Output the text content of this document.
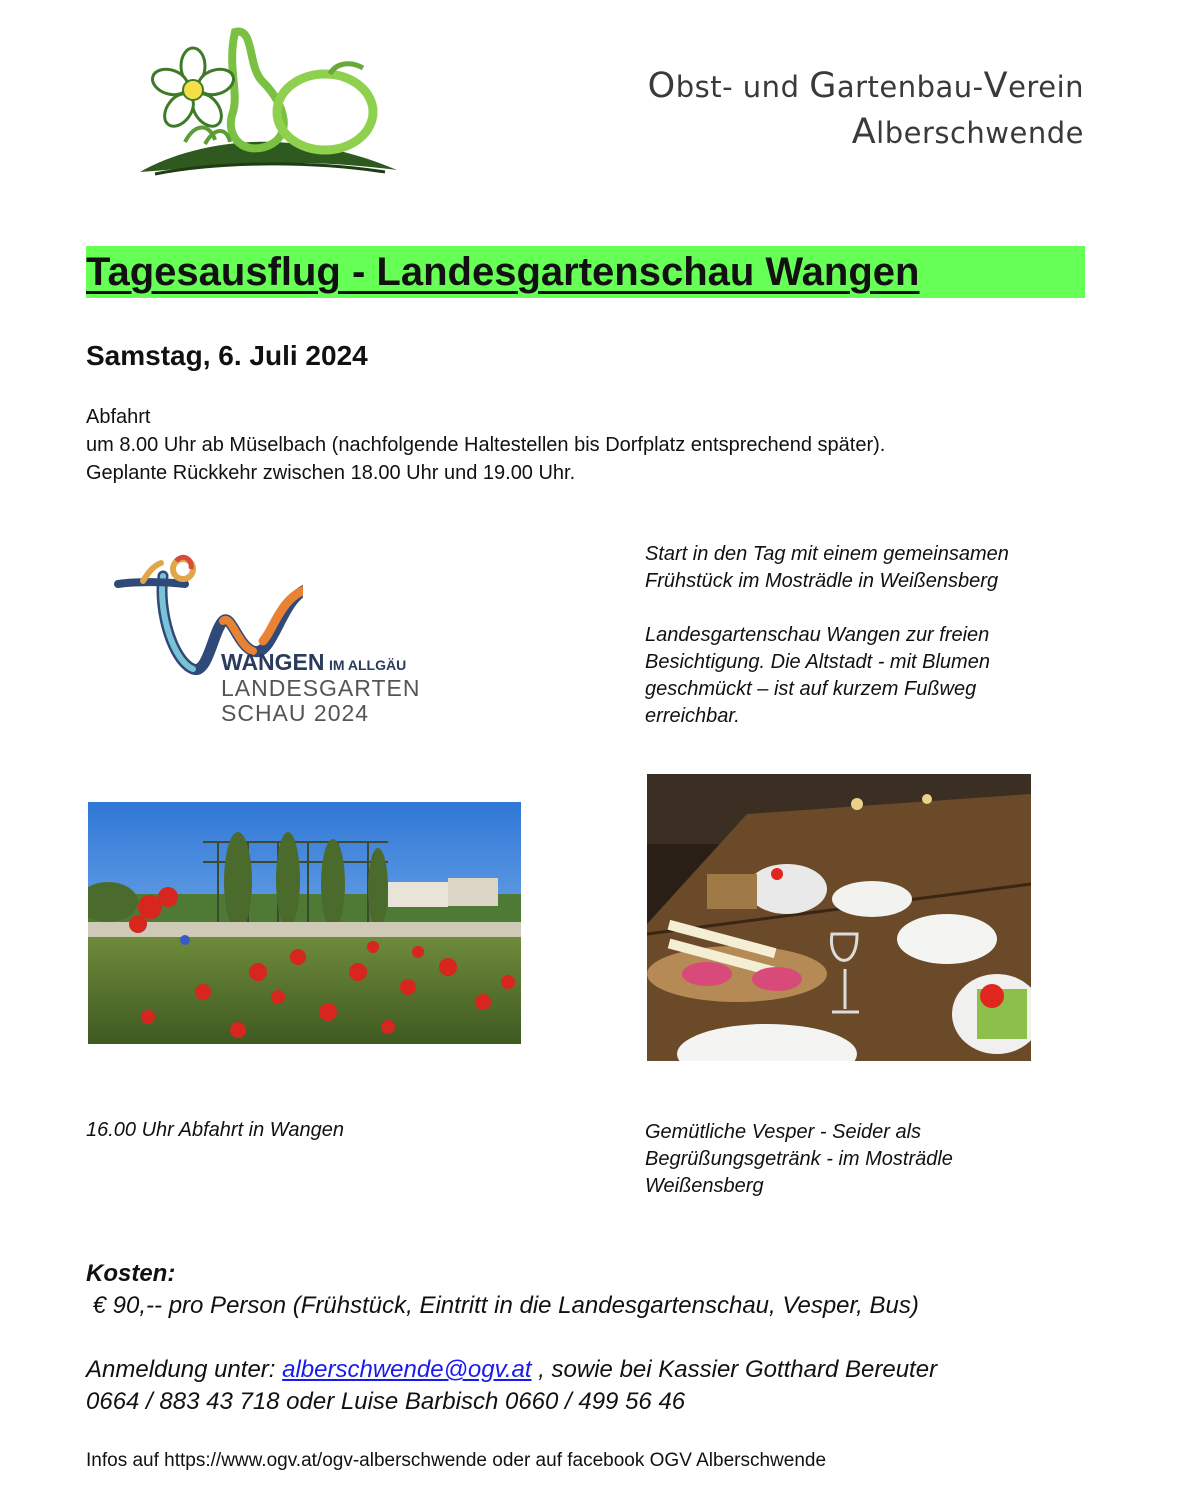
Obst- und Gartenbau-Verein
Alberschwende
Tagesausflug - Landesgartenschau Wangen
Samstag, 6. Juli 2024
Abfahrt
um 8.00 Uhr ab Müselbach (nachfolgende Haltestellen bis Dorfplatz entsprechend später).
Geplante Rückkehr zwischen 18.00 Uhr und 19.00 Uhr.
WANGEN IM ALLGÄU
LANDESGARTEN
SCHAU 2024
Start in den Tag mit einem gemeinsamen
Frühstück im Mosträdle in Weißensberg
Landesgartenschau Wangen zur freien
Besichtigung. Die Altstadt - mit Blumen
geschmückt – ist auf kurzem Fußweg
erreichbar.
16.00 Uhr Abfahrt in Wangen	Gemütliche Vesper - Seider als
Begrüßungsgetränk - im Mosträdle
Weißensberg
Kosten:
€ 90,-- pro Person (Frühstück, Eintritt in die Landesgartenschau, Vesper, Bus)
Anmeldung unter: alberschwende@ogv.at , sowie bei Kassier Gotthard Bereuter
0664 / 883 43 718 oder Luise Barbisch 0660 / 499 56 46
Infos auf https://www.ogv.at/ogv-alberschwende oder auf facebook OGV Alberschwende
